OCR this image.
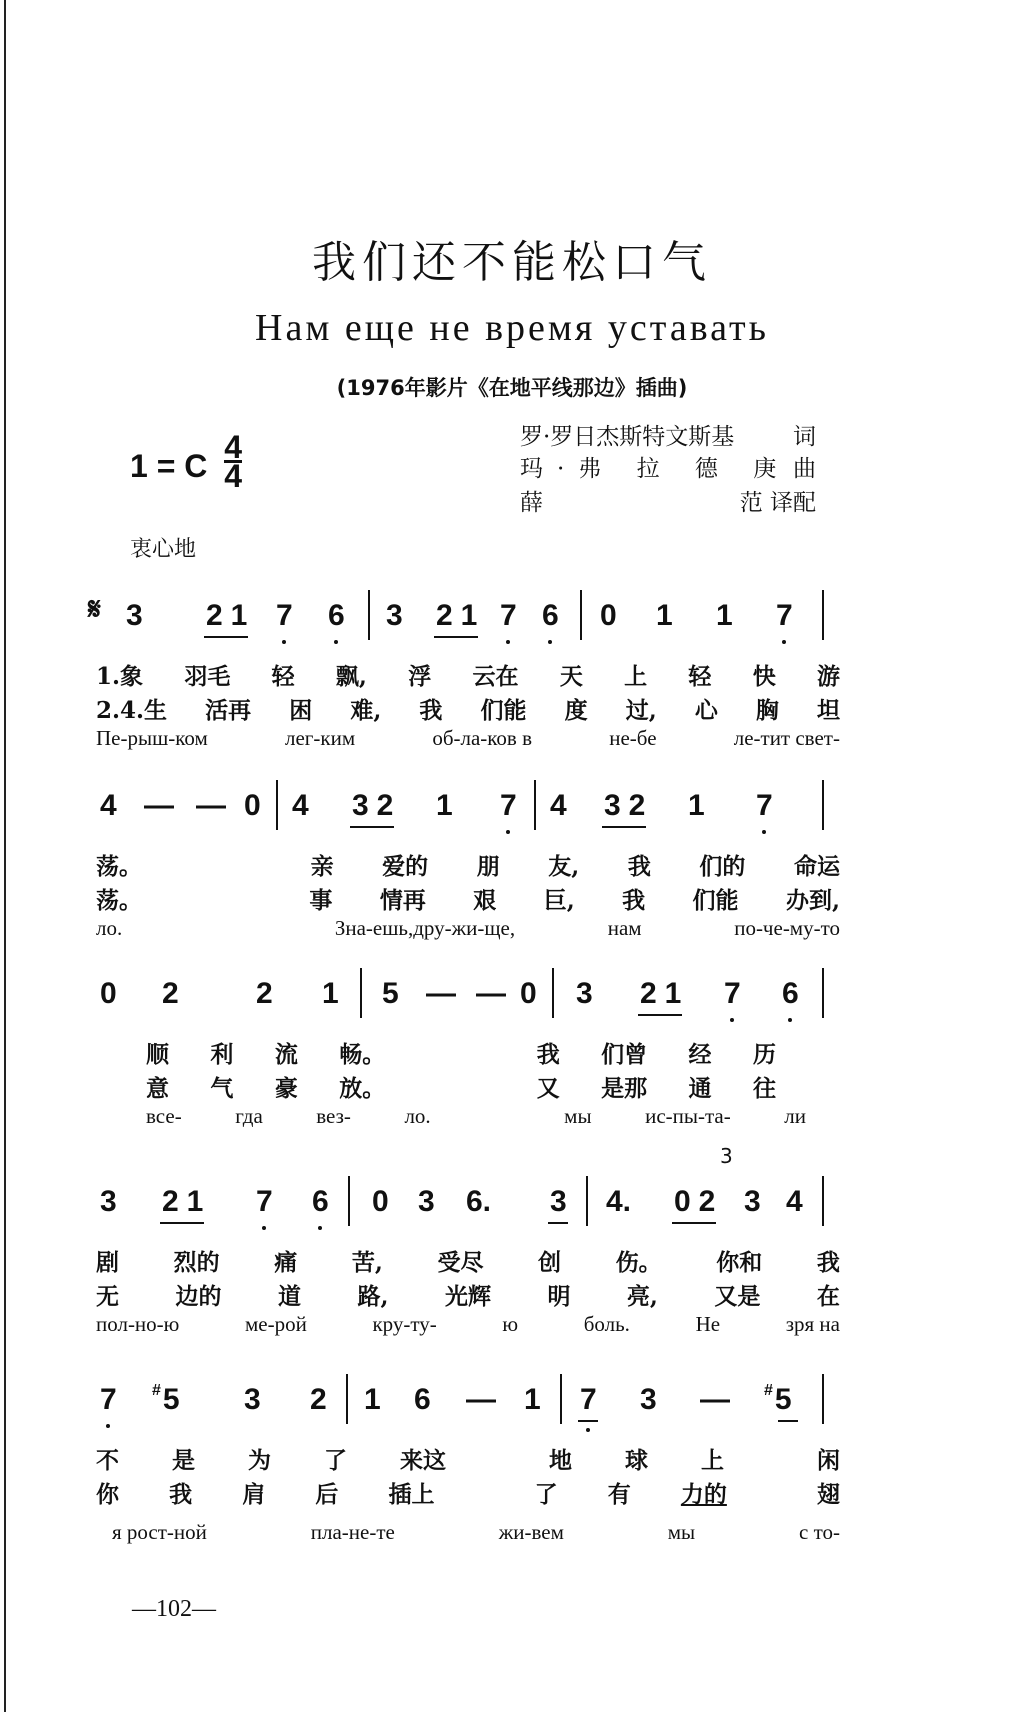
我们还不能松口气
Нам еще не время уставать
(1976年影片《在地平线那边》插曲)
1 = C $\frac{4}{4}$	罗·罗日杰斯特文斯基	词
玛·弗 拉 德 庚 曲
薛	范 译配
衷心地
𝄋 3 21 7 6 3 21 7 6 0 1 1 7
1.象 羽毛 轻 飘, 浮 云在 天 上 轻 快 游
2.4.生 活再 困 难, 我 们能 度 过, 心 胸 坦
Пе-рыш-ком	лег-ким	об-ла-ков в	не-бе	ле-тит свет-
4 — — 0 4 32 1 7 4 32 1 7
荡。	亲 爱的 朋 友, 我 们的 命运
荡。	事 情再 艰 巨, 我 们能 办到,
ло.	Зна-ешь,дру-жи-ще,	нам	по-че-му-то
0 2	2 1 5 — — 0 3 21 7 6
顺 利 流 畅。	我 们曾 经 历
意 气 豪 放。	又 是那 通 往
все-	гда	вез-	ло.	мы	ис-пы-та-	ли
3
3 21 7 6 0 3 6. 3 4. 02 3 4
剧 烈的 痛 苦, 受尽 创 伤。 你和 我
无 边的 道 路, 光辉 明 亮, 又是 在
пол-но-ю	ме-рой	кру-ту-	ю	боль.	Не	зря на
7 #5 3 2 1 6 — 1 7 3 — #5
不 是 为 了 来这	地 球 上	闲
你 我 肩 后 插上	了 有 力的	翅
я рост-ной	пла-не-те	жи-вем	мы	с то-
—102—
